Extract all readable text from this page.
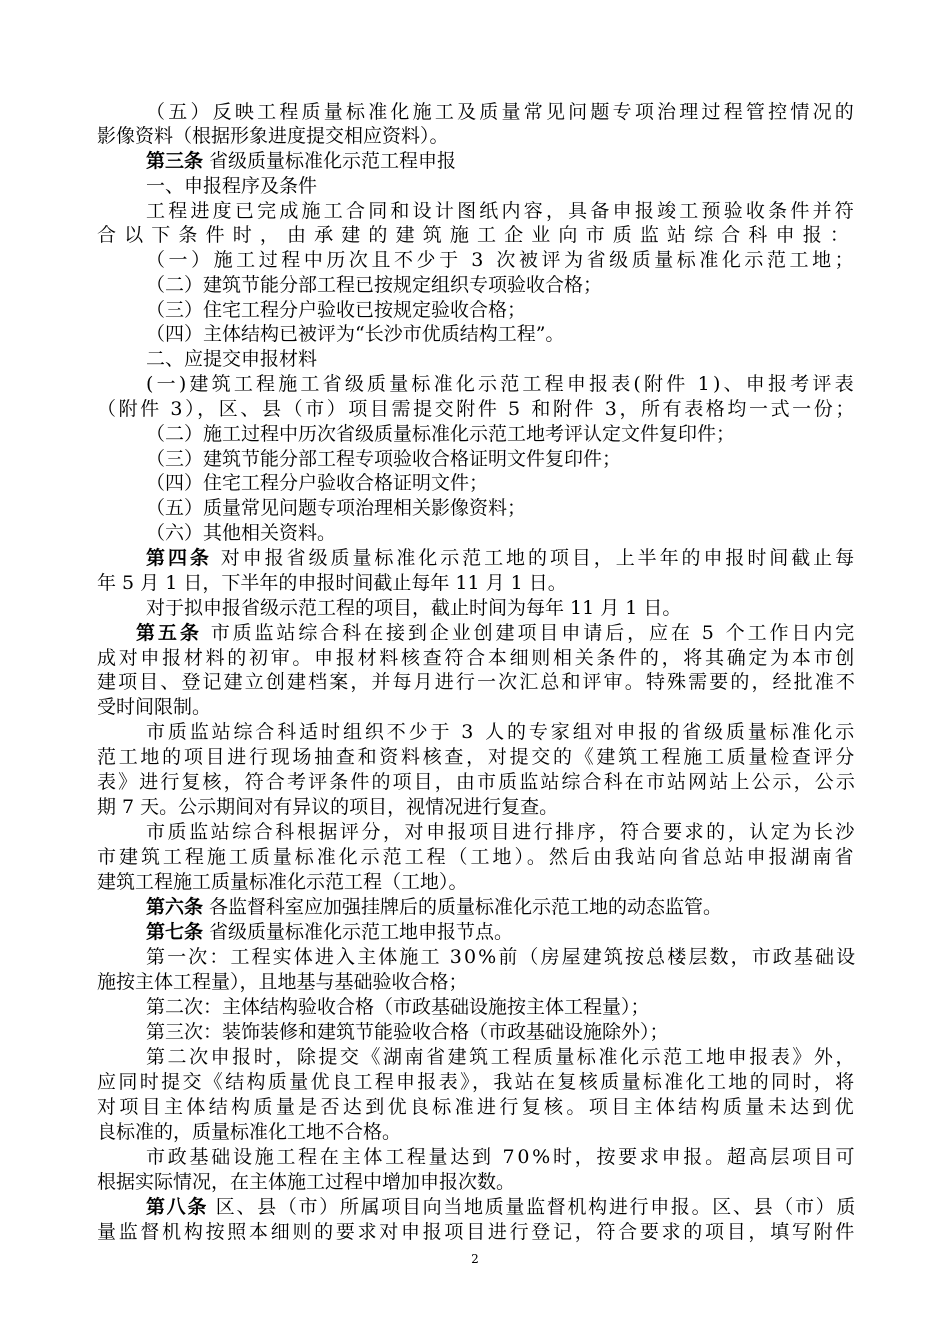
（五）反映工程质量标准化施工及质量常见问题专项治理过程管控情况的
影像资料（根据形象进度提交相应资料）。
第三条 省级质量标准化示范工程申报
一、申报程序及条件
工程进度已完成施工合同和设计图纸内容，具备申报竣工预验收条件并符
合以下条件时，由承建的建筑施工企业向市质监站综合科申报：
（一）施工过程中历次且不少于 3 次被评为省级质量标准化示范工地；
（二）建筑节能分部工程已按规定组织专项验收合格；
（三）住宅工程分户验收已按规定验收合格；
（四）主体结构已被评为“长沙市优质结构工程”。
二、应提交申报材料
(一)建筑工程施工省级质量标准化示范工程申报表(附件 1)、申报考评表
（附件 3），区、县（市）项目需提交附件 5 和附件 3，所有表格均一式一份；
（二）施工过程中历次省级质量标准化示范工地考评认定文件复印件；
（三）建筑节能分部工程专项验收合格证明文件复印件；
（四）住宅工程分户验收合格证明文件；
（五）质量常见问题专项治理相关影像资料；
（六）其他相关资料。
第四条 对申报省级质量标准化示范工地的项目，上半年的申报时间截止每
年 5 月 1 日，下半年的申报时间截止每年 11 月 1 日。
对于拟申报省级示范工程的项目，截止时间为每年 11 月 1 日。
第五条 市质监站综合科在接到企业创建项目申请后，应在 5 个工作日内完
成对申报材料的初审。申报材料核查符合本细则相关条件的，将其确定为本市创
建项目、登记建立创建档案，并每月进行一次汇总和评审。特殊需要的，经批准不
受时间限制。
市质监站综合科适时组织不少于 3 人的专家组对申报的省级质量标准化示
范工地的项目进行现场抽查和资料核查，对提交的《建筑工程施工质量检查评分
表》进行复核，符合考评条件的项目，由市质监站综合科在市站网站上公示，公示
期 7 天。公示期间对有异议的项目，视情况进行复查。
市质监站综合科根据评分，对申报项目进行排序，符合要求的，认定为长沙
市建筑工程施工质量标准化示范工程（工地）。然后由我站向省总站申报湖南省
建筑工程施工质量标准化示范工程（工地）。
第六条 各监督科室应加强挂牌后的质量标准化示范工地的动态监管。
第七条 省级质量标准化示范工地申报节点。
第一次：工程实体进入主体施工 30%前（房屋建筑按总楼层数，市政基础设
施按主体工程量），且地基与基础验收合格；
第二次：主体结构验收合格（市政基础设施按主体工程量）；
第三次：装饰装修和建筑节能验收合格（市政基础设施除外）；
第二次申报时，除提交《湖南省建筑工程质量标准化示范工地申报表》外，
应同时提交《结构质量优良工程申报表》，我站在复核质量标准化工地的同时，将
对项目主体结构质量是否达到优良标准进行复核。项目主体结构质量未达到优
良标准的，质量标准化工地不合格。
市政基础设施工程在主体工程量达到 70%时，按要求申报。超高层项目可
根据实际情况，在主体施工过程中增加申报次数。
第八条 区、县（市）所属项目向当地质量监督机构进行申报。区、县（市）质
量监督机构按照本细则的要求对申报项目进行登记，符合要求的项目，填写附件
2
